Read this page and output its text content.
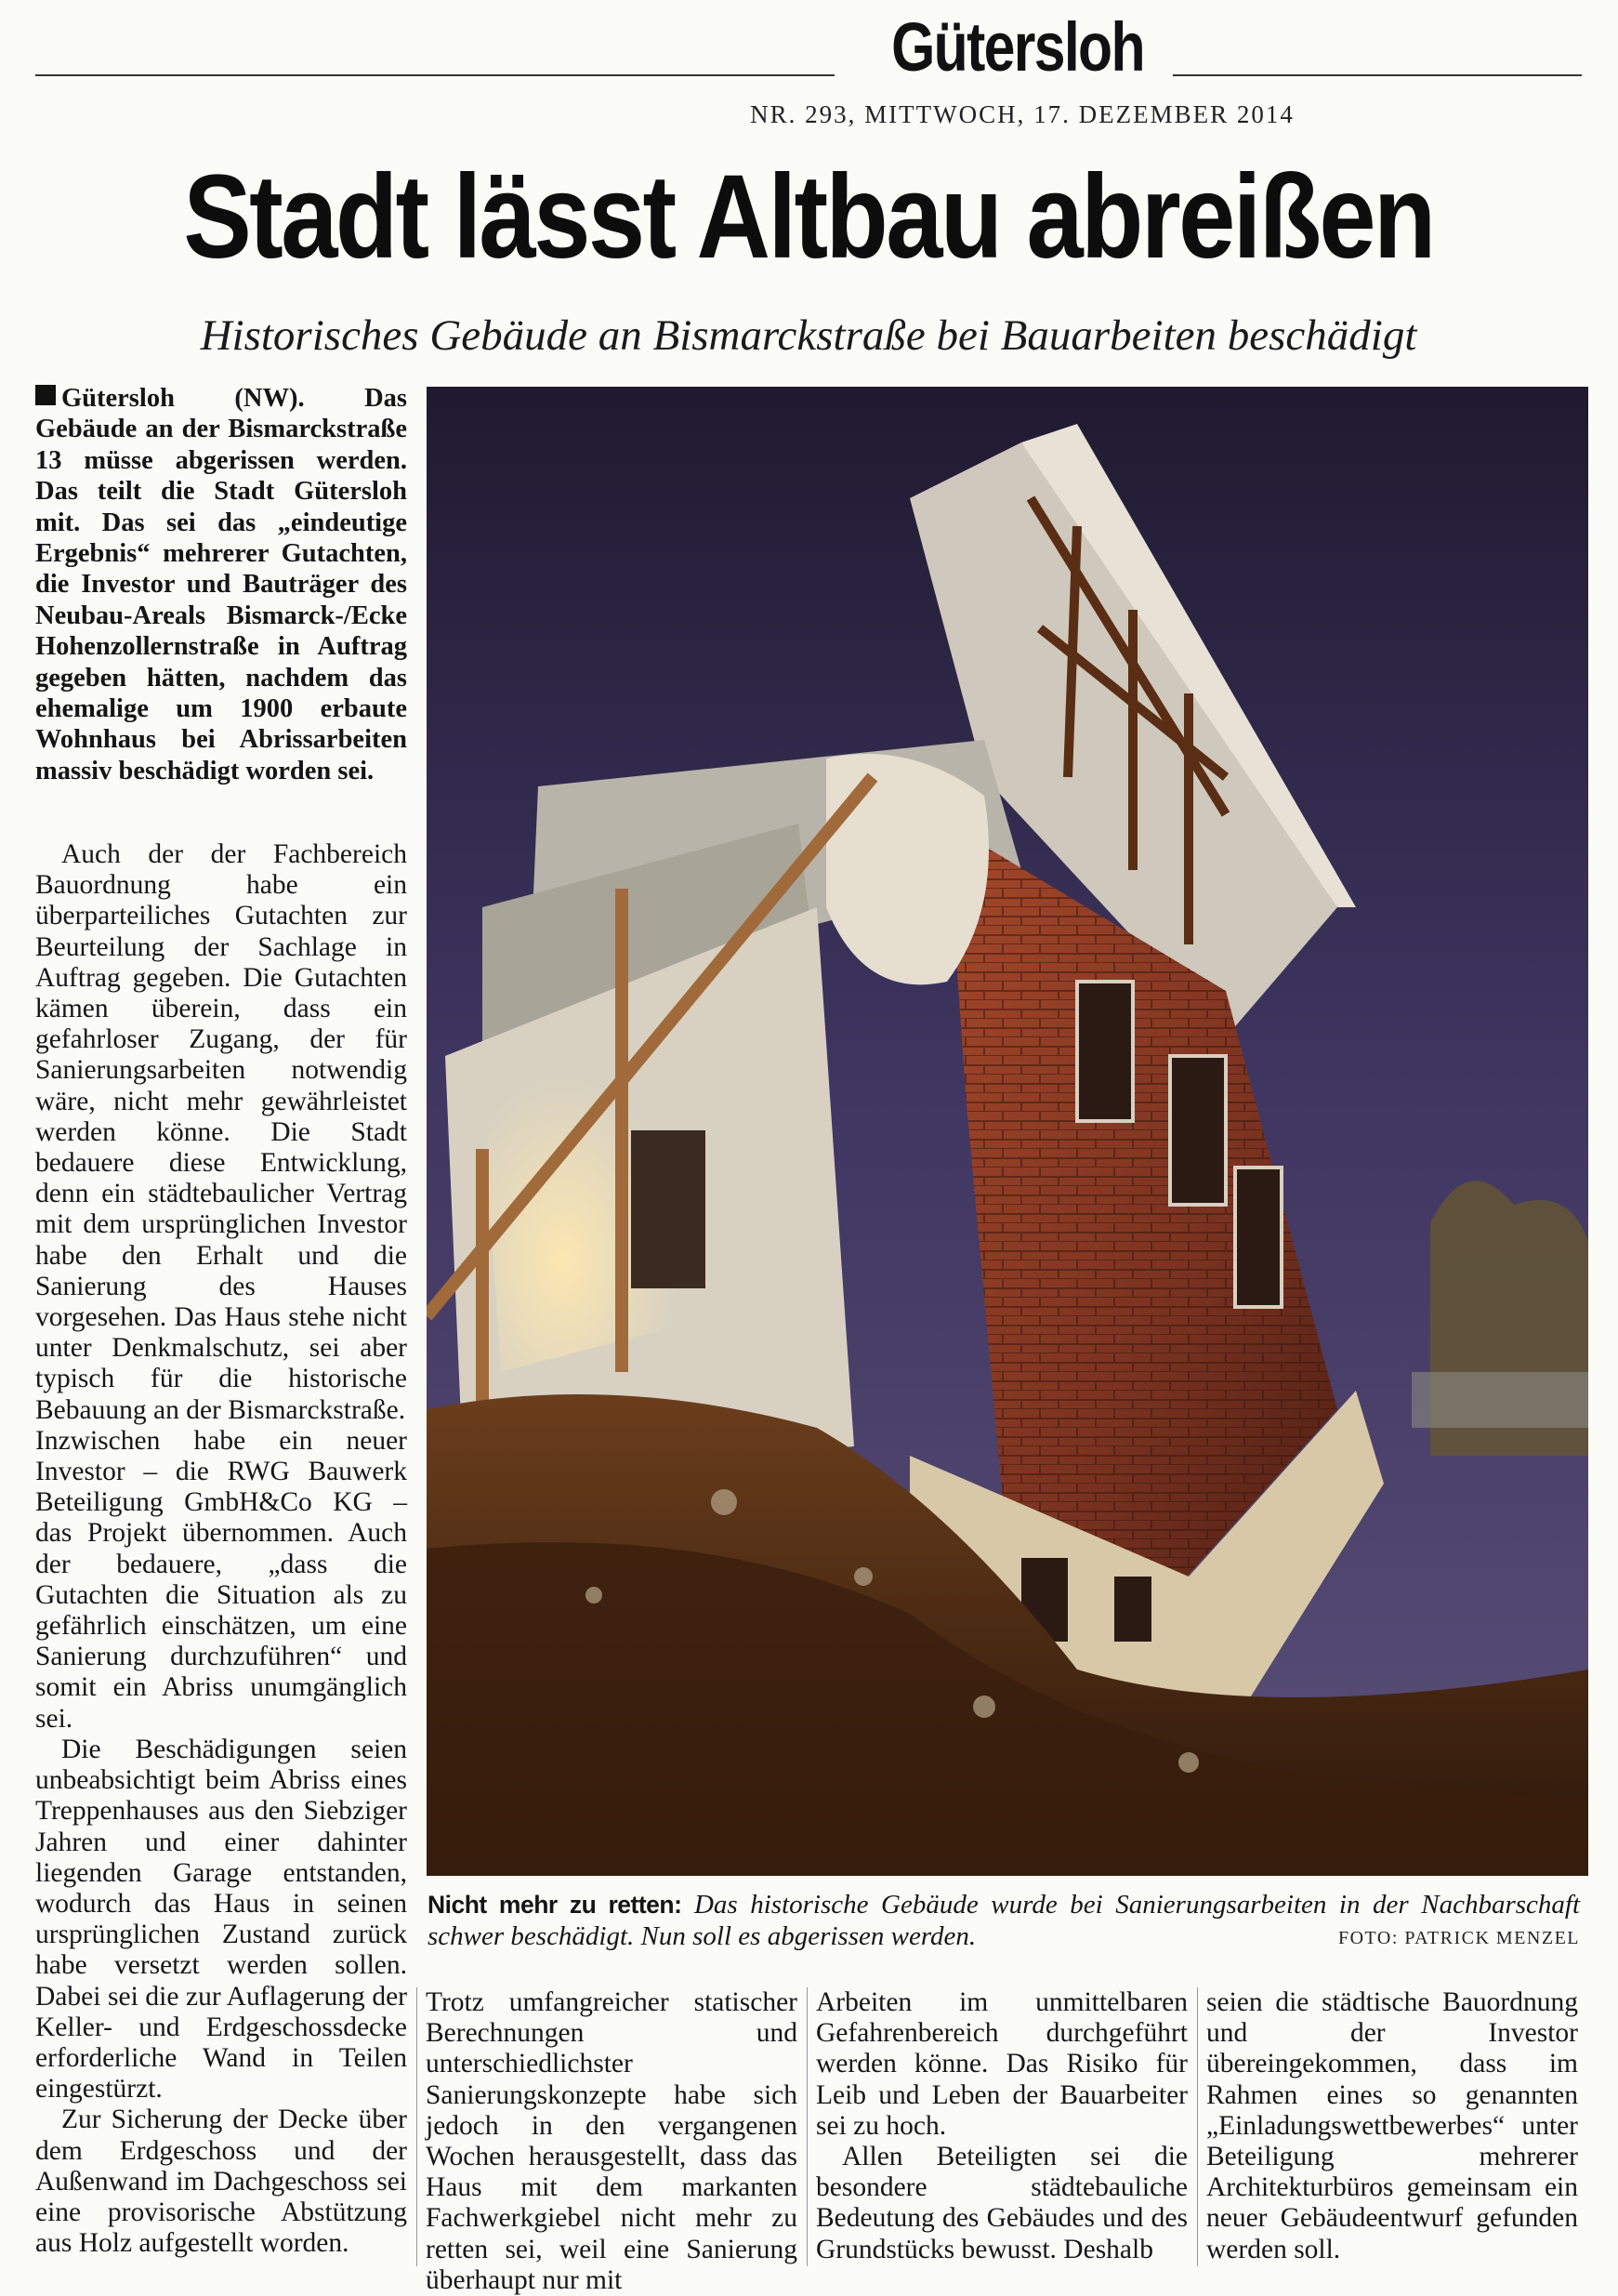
Gütersloh
NR. 293, MITTWOCH, 17. DEZEMBER 2014
Stadt lässt Altbau abreißen
Historisches Gebäude an Bismarckstraße bei Bauarbeiten beschädigt

Gütersloh (NW). Das Gebäude an der Bismarckstraße 13 müsse abgerissen werden. Das teilt die Stadt Gütersloh mit. Das sei das „eindeutige Ergebnis“ mehrerer Gutachten, die Investor und Bauträger des Neubau-Areals Bismarck-/Ecke Hohenzollernstraße in Auftrag gegeben hätten, nachdem das ehemalige um 1900 erbaute Wohnhaus bei Abrissarbeiten massiv beschädigt worden sei.

Auch der der Fachbereich Bauordnung habe ein überparteiliches Gutachten zur Beurteilung der Sachlage in Auftrag gegeben. Die Gutachten kämen überein, dass ein gefahrloser Zugang, der für Sanierungsarbeiten notwendig wäre, nicht mehr gewährleistet werden könne. Die Stadt bedauere diese Entwicklung, denn ein städtebaulicher Vertrag mit dem ursprünglichen Investor habe den Erhalt und die Sanierung des Hauses vorgesehen. Das Haus stehe nicht unter Denkmalschutz, sei aber typisch für die historische Bebauung an der Bismarckstraße.

Inzwischen habe ein neuer Investor – die RWG Bauwerk Beteiligung GmbH&Co KG – das Projekt übernommen. Auch der bedauere, „dass die Gutachten die Situation als zu gefährlich einschätzen, um eine Sanierung durchzuführen“ und somit ein Abriss unumgänglich sei.

Die Beschädigungen seien unbeabsichtigt beim Abriss eines Treppenhauses aus den Siebziger Jahren und einer dahinter liegenden Garage entstanden, wodurch das Haus in seinen ursprünglichen Zustand zurück habe versetzt werden sollen. Dabei sei die zur Auflagerung der Keller- und Erdgeschossdecke erforderliche Wand in Teilen eingestürzt.

Zur Sicherung der Decke über dem Erdgeschoss und der Außenwand im Dachgeschoss sei eine provisorische Abstützung aus Holz aufgestellt worden.

Nicht mehr zu retten: Das historische Gebäude wurde bei Sanierungsarbeiten in der Nachbarschaft schwer beschädigt. Nun soll es abgerissen werden.	FOTO: PATRICK MENZEL

Trotz umfangreicher statischer Berechnungen und unterschiedlichster Sanierungskonzepte habe sich jedoch in den vergangenen Wochen herausgestellt, dass das Haus mit dem markanten Fachwerkgiebel nicht mehr zu retten sei, weil eine Sanierung überhaupt nur mit

Arbeiten im unmittelbaren Gefahrenbereich durchgeführt werden könne. Das Risiko für Leib und Leben der Bauarbeiter sei zu hoch.

Allen Beteiligten sei die besondere städtebauliche Bedeutung des Gebäudes und des Grundstücks bewusst. Deshalb

seien die städtische Bauordnung und der Investor übereingekommen, dass im Rahmen eines so genannten „Einladungswettbewerbes“ unter Beteiligung mehrerer Architekturbüros gemeinsam ein neuer Gebäudeentwurf gefunden werden soll.
